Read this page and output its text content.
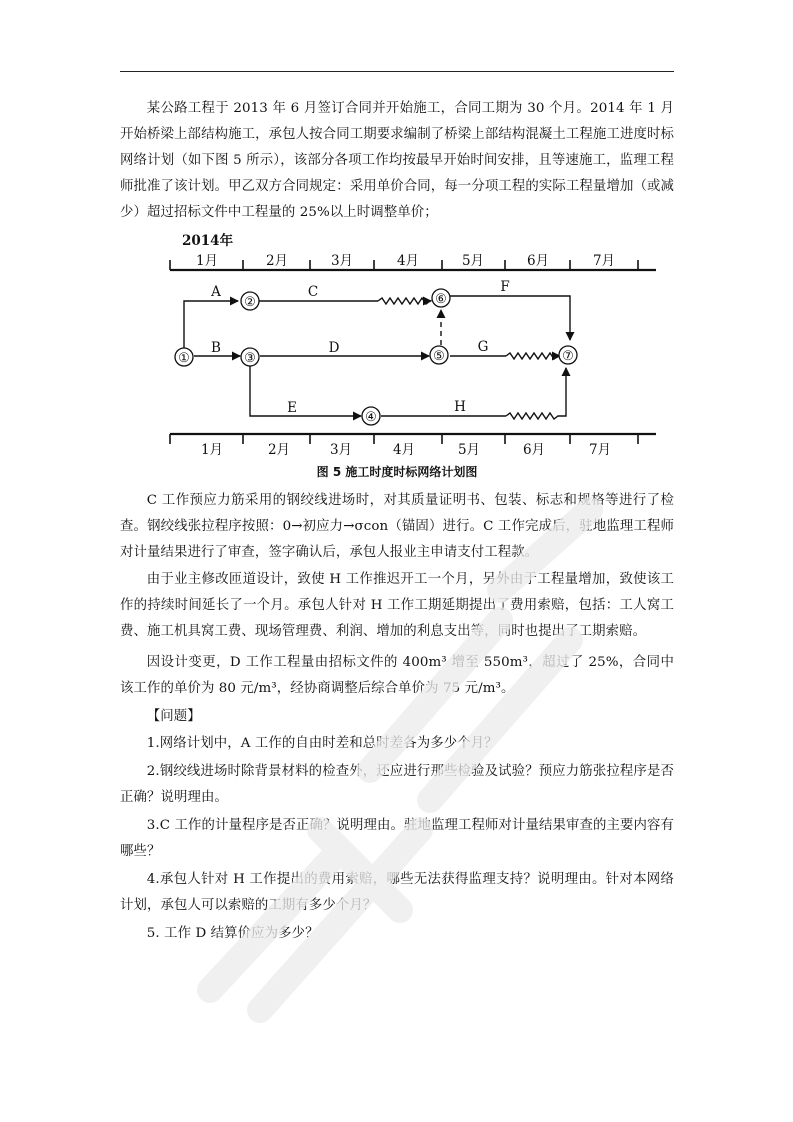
某公路工程于 2013 年 6 月签订合同并开始施工，合同工期为 30 个月。2014 年 1 月开始桥梁上部结构施工，承包人按合同工期要求编制了桥梁上部结构混凝土工程施工进度时标网络计划（如下图 5 所示），该部分各项工作均按最早开始时间安排，且等速施工，监理工程师批准了该计划。甲乙双方合同规定：采用单价合同，每一分项工程的实际工程量增加（或减少）超过招标文件中工程量的 25%以上时调整单价；

2014年
1月	2月	3月	4月	5月	6月	7月
①
②
③
④
⑤
⑥
⑦
A
B
C
D
E
F
G
H
1月	2月	3月	4月	5月	6月	7月
图 5 施工时度时标网络计划图

C 工作预应力筋采用的钢绞线进场时，对其质量证明书、包装、标志和规格等进行了检查。钢绞线张拉程序按照：0→初应力→σcon（锚固）进行。C 工作完成后，驻地监理工程师对计量结果进行了审查，签字确认后，承包人报业主申请支付工程款。

由于业主修改匝道设计，致使 H 工作推迟开工一个月，另外由于工程量增加，致使该工作的持续时间延长了一个月。承包人针对 H 工作工期延期提出了费用索赔，包括：工人窝工费、施工机具窝工费、现场管理费、利润、增加的利息支出等，同时也提出了工期索赔。

因设计变更，D 工作工程量由招标文件的 400m³ 增至 550m³，超过了 25%，合同中该工作的单价为 80 元/m³，经协商调整后综合单价为 75 元/m³。

【问题】

1.网络计划中，A 工作的自由时差和总时差各为多少个月？

2.钢绞线进场时除背景材料的检查外，还应进行那些检验及试验？预应力筋张拉程序是否正确？说明理由。

3.C 工作的计量程序是否正确？说明理由。驻地监理工程师对计量结果审查的主要内容有哪些？

4.承包人针对 H 工作提出的费用索赔，哪些无法获得监理支持？说明理由。针对本网络计划，承包人可以索赔的工期有多少个月？

5. 工作 D 结算价应为多少？
